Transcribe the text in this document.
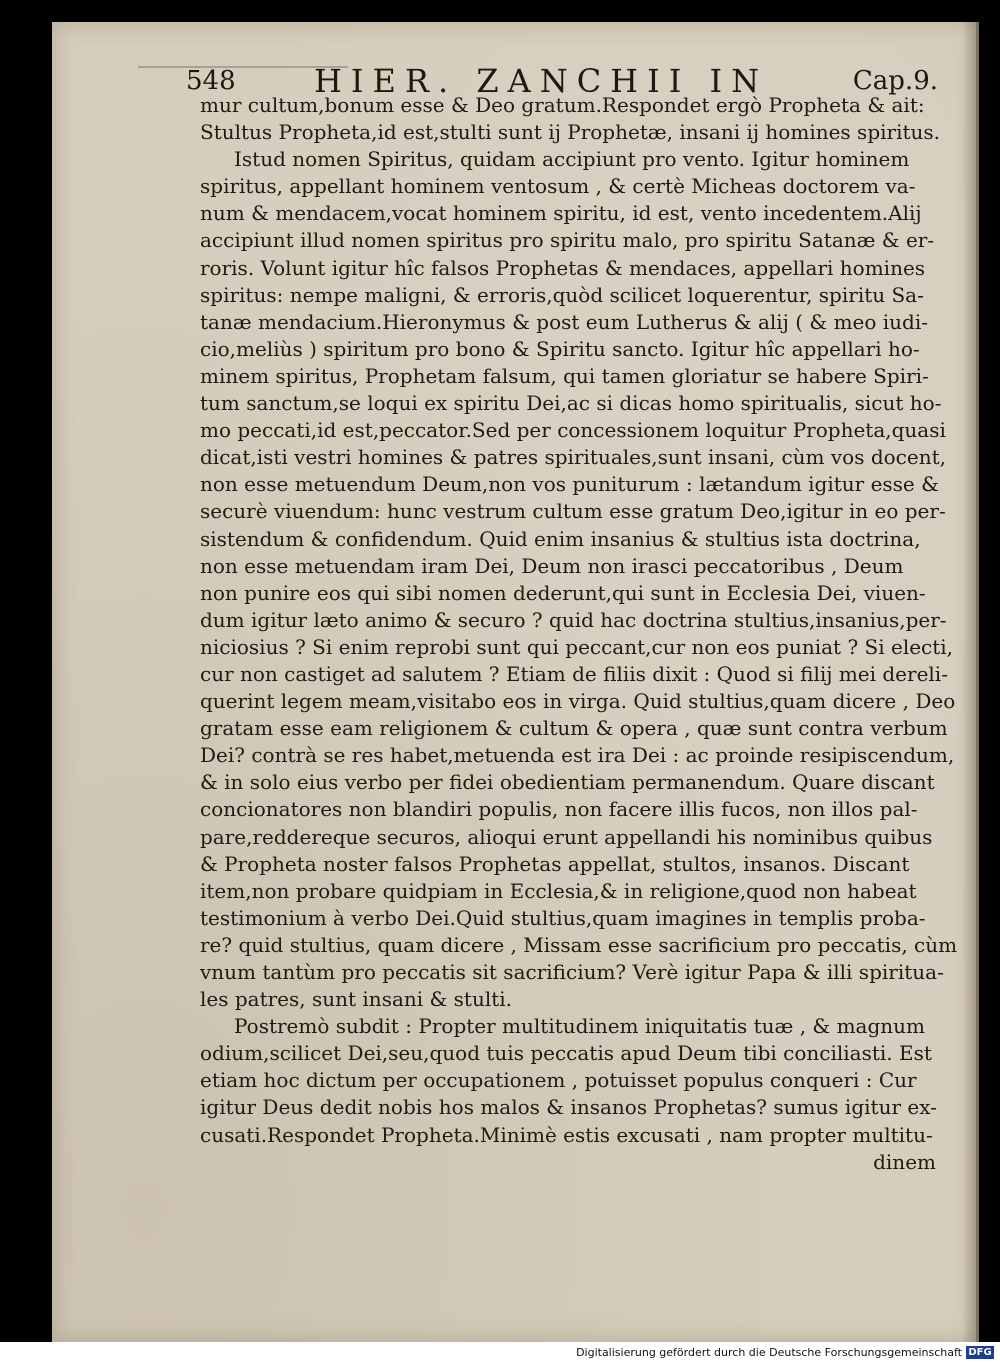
548 HIER. ZANCHII IN	Cap.9.
mur cultum,bonum esse & Deo gratum.Respondet ergò Propheta & ait:
Stultus Propheta,id est,stulti sunt ij Prophetæ, insani ij homines spiritus.
Istud nomen Spiritus, quidam accipiunt pro vento. Igitur hominem
spiritus, appellant hominem ventosum , & certè Micheas doctorem va-
num & mendacem,vocat hominem spiritu, id est, vento incedentem.Alij
accipiunt illud nomen spiritus pro spiritu malo, pro spiritu Satanæ & er-
roris. Volunt igitur hîc falsos Prophetas & mendaces, appellari homines
spiritus: nempe maligni, & erroris,quòd scilicet loquerentur, spiritu Sa-
tanæ mendacium.Hieronymus & post eum Lutherus & alij ( & meo iudi-
cio,meliùs ) spiritum pro bono & Spiritu sancto. Igitur hîc appellari ho-
minem spiritus, Prophetam falsum, qui tamen gloriatur se habere Spiri-
tum sanctum,se loqui ex spiritu Dei,ac si dicas homo spiritualis, sicut ho-
mo peccati,id est,peccator.Sed per concessionem loquitur Propheta,quasi
dicat,isti vestri homines & patres spirituales,sunt insani, cùm vos docent,
non esse metuendum Deum,non vos puniturum : lætandum igitur esse &
securè viuendum: hunc vestrum cultum esse gratum Deo,igitur in eo per-
sistendum & confidendum. Quid enim insanius & stultius ista doctrina,
non esse metuendam iram Dei, Deum non irasci peccatoribus , Deum
non punire eos qui sibi nomen dederunt,qui sunt in Ecclesia Dei, viuen-
dum igitur læto animo & securo ? quid hac doctrina stultius,insanius,per-
niciosius ? Si enim reprobi sunt qui peccant,cur non eos puniat ? Si electi,
cur non castiget ad salutem ? Etiam de filiis dixit : Quod si filij mei dereli-
querint legem meam,visitabo eos in virga. Quid stultius,quam dicere , Deo
gratam esse eam religionem & cultum & opera , quæ sunt contra verbum
Dei? contrà se res habet,metuenda est ira Dei : ac proinde resipiscendum,
& in solo eius verbo per fidei obedientiam permanendum. Quare discant
concionatores non blandiri populis, non facere illis fucos, non illos pal-
pare,reddereque securos, alioqui erunt appellandi his nominibus quibus
& Propheta noster falsos Prophetas appellat, stultos, insanos. Discant
item,non probare quidpiam in Ecclesia,& in religione,quod non habeat
testimonium à verbo Dei.Quid stultius,quam imagines in templis proba-
re? quid stultius, quam dicere , Missam esse sacrificium pro peccatis, cùm
vnum tantùm pro peccatis sit sacrificium? Verè igitur Papa & illi spiritua-
les patres, sunt insani & stulti.
Postremò subdit : Propter multitudinem iniquitatis tuæ , & magnum
odium,scilicet Dei,seu,quod tuis peccatis apud Deum tibi conciliasti. Est
etiam hoc dictum per occupationem , potuisset populus conqueri : Cur
igitur Deus dedit nobis hos malos & insanos Prophetas? sumus igitur ex-
cusati.Respondet Propheta.Minimè estis excusati , nam propter multitu-
dinem
Digitalisierung gefördert durch die Deutsche Forschungsgemeinschaft DFG
